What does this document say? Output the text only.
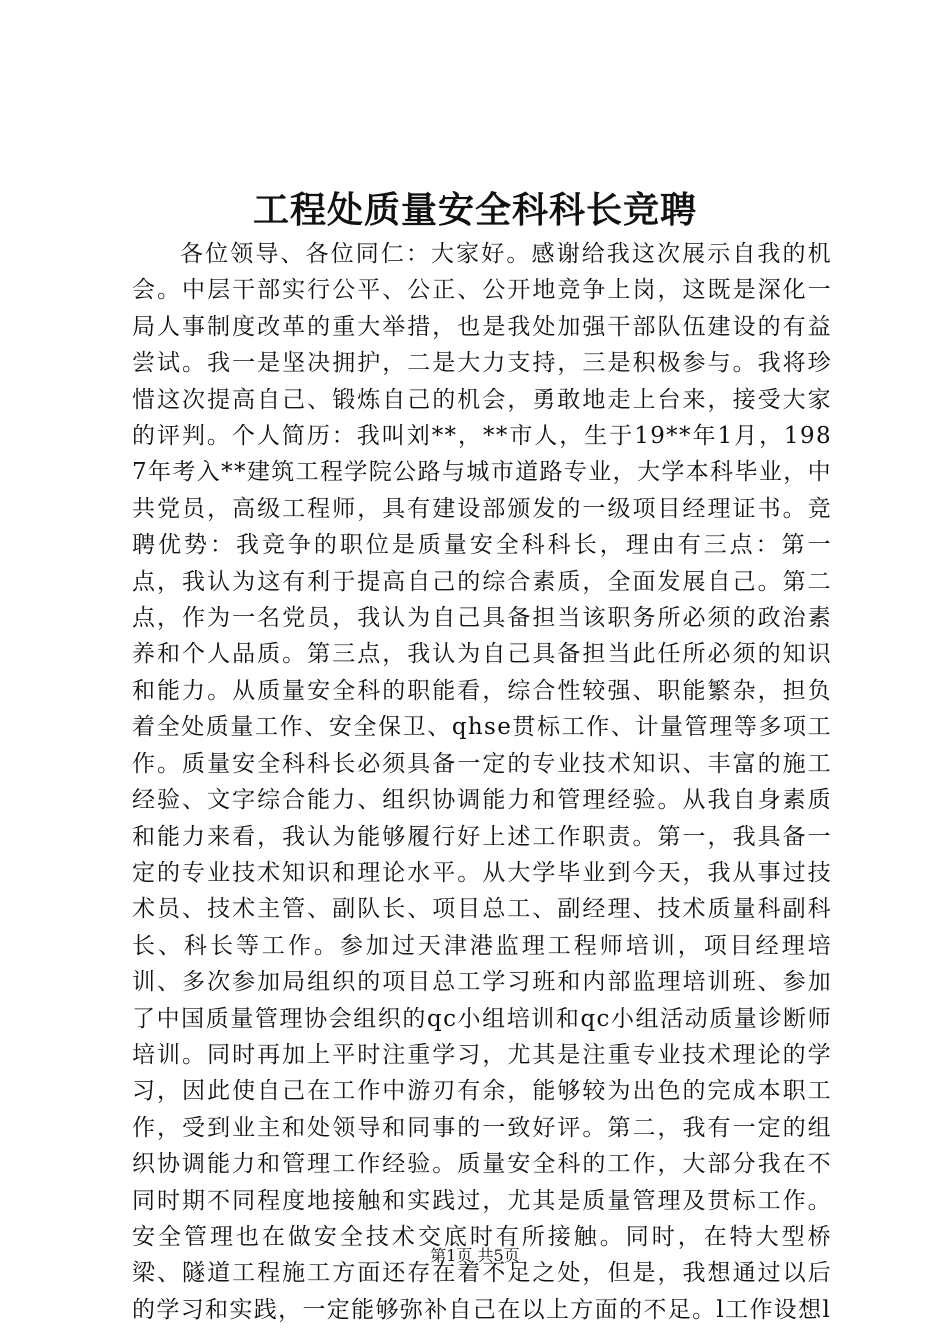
工程处质量安全科科长竞聘
各位领导、各位同仁：大家好。感谢给我这次展示自我的机会。中层干部实行公平、公正、公开地竞争上岗，这既是深化一局人事制度改革的重大举措，也是我处加强干部队伍建设的有益尝试。我一是坚决拥护，二是大力支持，三是积极参与。我将珍惜这次提高自己、锻炼自己的机会，勇敢地走上台来，接受大家的评判。个人简历：我叫刘**，**市人，生于19**年1月，1987年考入**建筑工程学院公路与城市道路专业，大学本科毕业，中共党员，高级工程师，具有建设部颁发的一级项目经理证书。竞聘优势：我竞争的职位是质量安全科科长，理由有三点：第一点，我认为这有利于提高自己的综合素质，全面发展自己。第二点，作为一名党员，我认为自己具备担当该职务所必须的政治素养和个人品质。第三点，我认为自己具备担当此任所必须的知识和能力。从质量安全科的职能看，综合性较强、职能繁杂，担负着全处质量工作、安全保卫、qhse贯标工作、计量管理等多项工作。质量安全科科长必须具备一定的专业技术知识、丰富的施工经验、文字综合能力、组织协调能力和管理经验。从我自身素质和能力来看，我认为能够履行好上述工作职责。第一，我具备一定的专业技术知识和理论水平。从大学毕业到今天，我从事过技术员、技术主管、副队长、项目总工、副经理、技术质量科副科长、科长等工作。参加过天津港监理工程师培训，项目经理培训、多次参加局组织的项目总工学习班和内部监理培训班、参加了中国质量管理协会组织的qc小组培训和qc小组活动质量诊断师培训。同时再加上平时注重学习，尤其是注重专业技术理论的学习，因此使自己在工作中游刃有余，能够较为出色的完成本职工作，受到业主和处领导和同事的一致好评。第二，我有一定的组织协调能力和管理工作经验。质量安全科的工作，大部分我在不同时期不同程度地接触和实践过，尤其是质量管理及贯标工作。安全管理也在做安全技术交底时有所接触。同时，在特大型桥梁、隧道工程施工方面还存在着不足之处，但是，我想通过以后的学习和实践，一定能够弥补自己在以上方面的不足。l工作设想l
第1页 共5页
